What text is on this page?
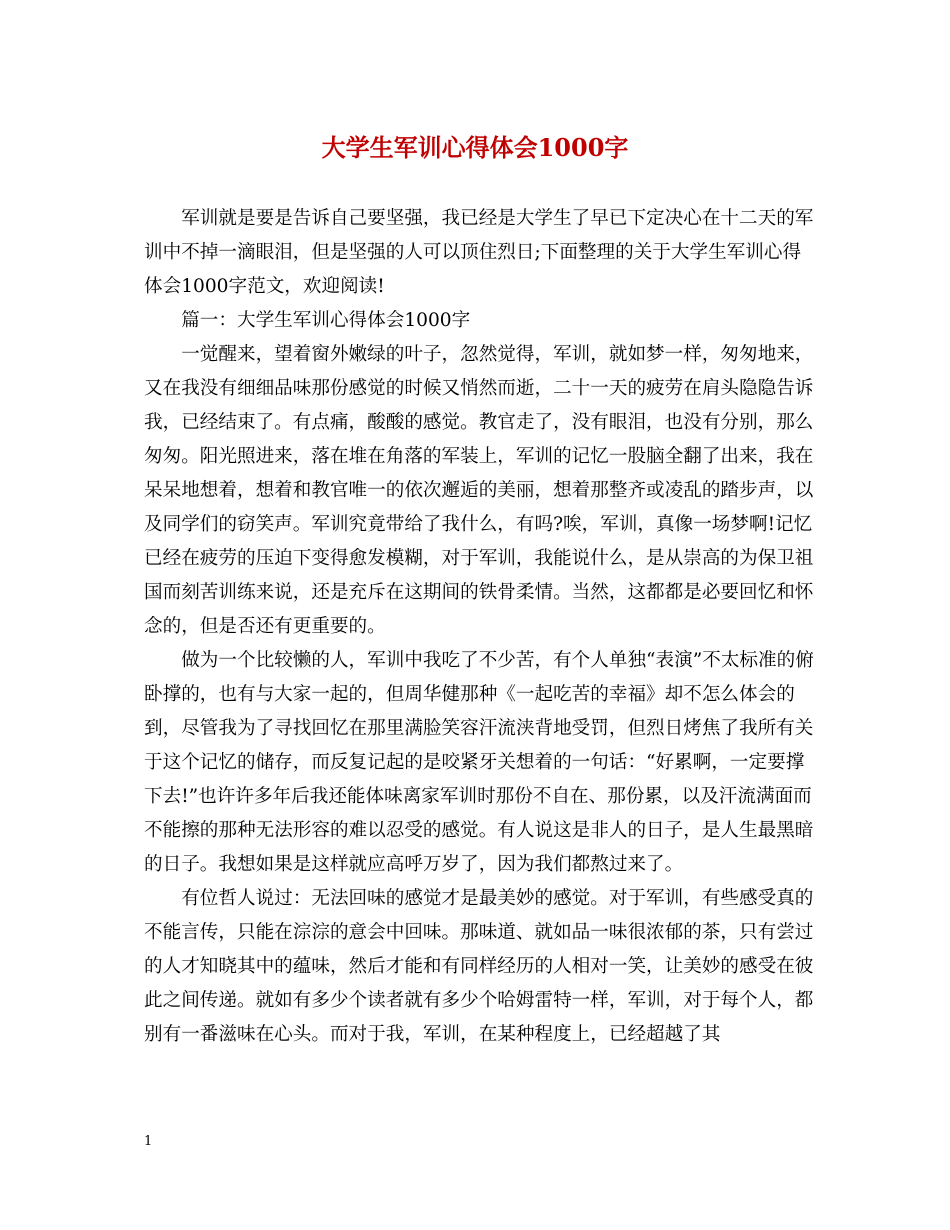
大学生军训心得体会1000字

军训就是要是告诉自己要坚强，我已经是大学生了早已下定决心在十二天的军训中不掉一滴眼泪，但是坚强的人可以顶住烈日;下面整理的关于大学生军训心得体会1000字范文，欢迎阅读!

篇一：大学生军训心得体会1000字

一觉醒来，望着窗外嫩绿的叶子，忽然觉得，军训，就如梦一样，匆匆地来，又在我没有细细品味那份感觉的时候又悄然而逝，二十一天的疲劳在肩头隐隐告诉我，已经结束了。有点痛，酸酸的感觉。教官走了，没有眼泪，也没有分别，那么匆匆。阳光照进来，落在堆在角落的军装上，军训的记忆一股脑全翻了出来，我在呆呆地想着，想着和教官唯一的依次邂逅的美丽，想着那整齐或凌乱的踏步声，以及同学们的窃笑声。军训究竟带给了我什么，有吗?唉，军训，真像一场梦啊!记忆已经在疲劳的压迫下变得愈发模糊，对于军训，我能说什么，是从崇高的为保卫祖国而刻苦训练来说，还是充斥在这期间的铁骨柔情。当然，这都都是必要回忆和怀念的，但是否还有更重要的。

做为一个比较懒的人，军训中我吃了不少苦，有个人单独“表演”不太标准的俯卧撑的，也有与大家一起的，但周华健那种《一起吃苦的幸福》却不怎么体会的到，尽管我为了寻找回忆在那里满脸笑容汗流浃背地受罚，但烈日烤焦了我所有关于这个记忆的储存，而反复记起的是咬紧牙关想着的一句话：“好累啊，一定要撑下去!”也许许多年后我还能体味离家军训时那份不自在、那份累，以及汗流满面而不能擦的那种无法形容的难以忍受的感觉。有人说这是非人的日子，是人生最黑暗的日子。我想如果是这样就应高呼万岁了，因为我们都熬过来了。

有位哲人说过：无法回味的感觉才是最美妙的感觉。对于军训，有些感受真的不能言传，只能在淙淙的意会中回味。那味道、就如品一味很浓郁的茶，只有尝过的人才知晓其中的蕴味，然后才能和有同样经历的人相对一笑，让美妙的感受在彼此之间传递。就如有多少个读者就有多少个哈姆雷特一样，军训，对于每个人，都别有一番滋味在心头。而对于我，军训，在某种程度上，已经超越了其

1
